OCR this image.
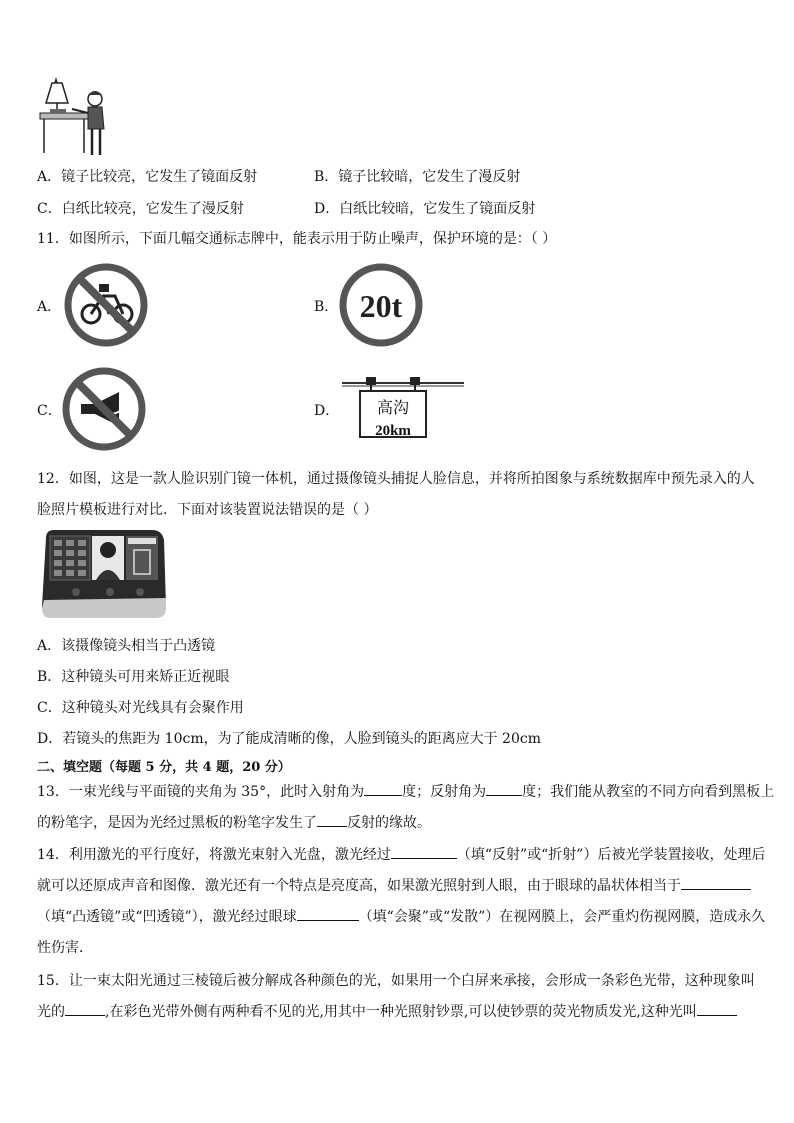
A．镜子比较亮，它发生了镜面反射	B．镜子比较暗，它发生了漫反射
C．白纸比较亮，它发生了漫反射	D．白纸比较暗，它发生了镜面反射
11．如图所示，下面几幅交通标志牌中，能表示用于防止噪声，保护环境的是：（ ）
A．	B． 20t
C．	D． 高沟
20km
12．如图，这是一款人脸识别门镜一体机，通过摄像镜头捕捉人脸信息，并将所拍图象与系统数据库中预先录入的人
脸照片模板进行对比．下面对该装置说法错误的是（ ）
A．该摄像镜头相当于凸透镜
B．这种镜头可用来矫正近视眼
C．这种镜头对光线具有会聚作用
D．若镜头的焦距为 10cm，为了能成清晰的像，人脸到镜头的距离应大于 20cm
二、填空题（每题 5 分，共 4 题，20 分）
13．一束光线与平面镜的夹角为 35°，此时入射角为	度；反射角为	度；我们能从教室的不同方向看到黑板上
的粉笔字，是因为光经过黑板的粉笔字发生了 反射的缘故。
14．利用激光的平行度好，将激光束射入光盘，激光经过	（填“反射”或“折射”）后被光学装置接收，处理后
就可以还原成声音和图像．激光还有一个特点是亮度高，如果激光照射到人眼，由于眼球的晶状体相当于
（填“凸透镜”或“凹透镜”），激光经过眼球	（填“会聚”或“发散”）在视网膜上，会严重灼伤视网膜，造成永久
性伤害．
15．让一束太阳光通过三棱镜后被分解成各种颜色的光，如果用一个白屏来承接，会形成一条彩色光带，这种现象叫
光的	,在彩色光带外侧有两种看不见的光,用其中一种光照射钞票,可以使钞票的荧光物质发光,这种光叫
